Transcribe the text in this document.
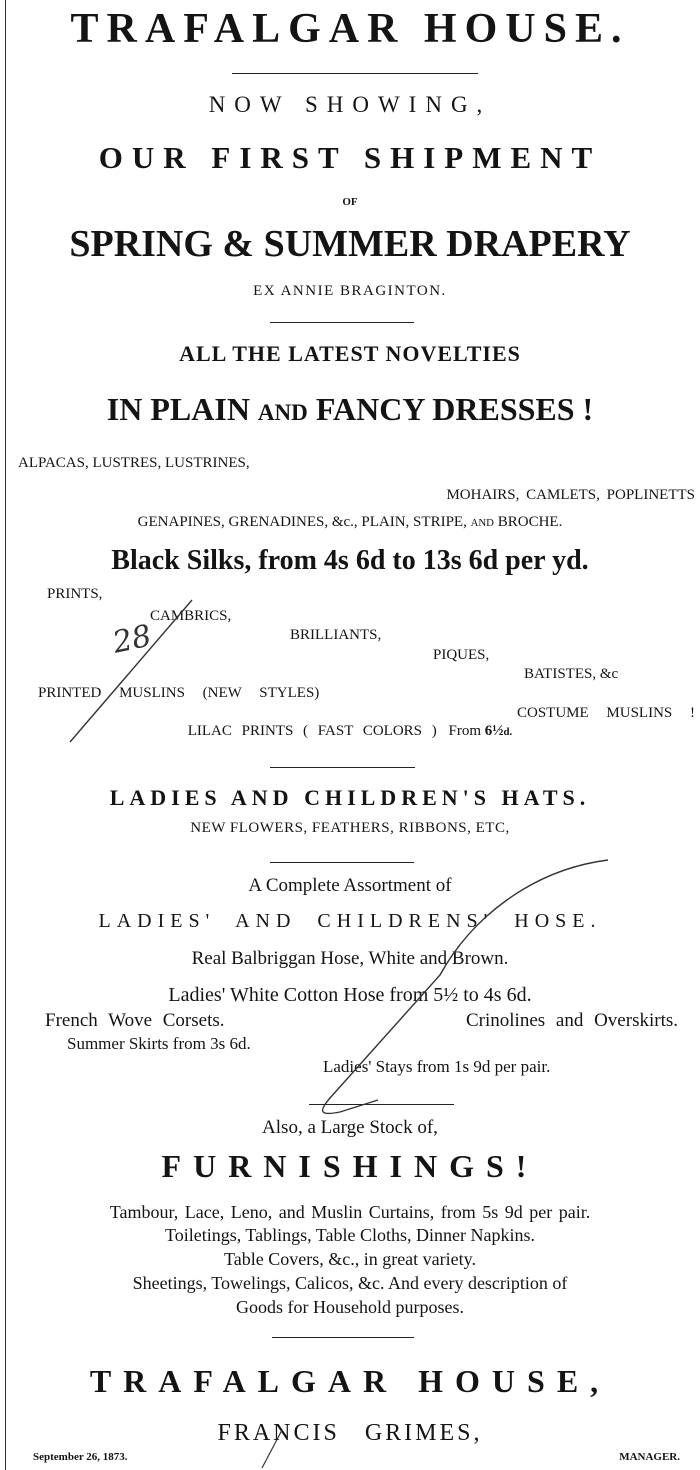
TRAFALGAR HOUSE.
NOW SHOWING,
OUR FIRST SHIPMENT
OF
SPRING & SUMMER DRAPERY
EX ANNIE BRAGINTON.
ALL THE LATEST NOVELTIES
IN PLAIN AND FANCY DRESSES !
ALPACAS, LUSTRES, LUSTRINES,
MOHAIRS, CAMLETS, POPLINETTS
GENAPINES, GRENADINES, &c., PLAIN, STRIPE, AND BROCHE.
Black Silks, from 4s 6d to 13s 6d per yd.
PRINTS,
CAMBRICS,
BRILLIANTS,
PIQUES,
BATISTES, &c
PRINTED MUSLINS (NEW STYLES)
COSTUME MUSLINS !
LILAC PRINTS ( FAST COLORS ) From 6½d.
LADIES AND CHILDREN'S HATS.
NEW FLOWERS, FEATHERS, RIBBONS, ETC,
A Complete Assortment of
LADIES' AND CHILDRENS' HOSE.
Real Balbriggan Hose, White and Brown.
Ladies' White Cotton Hose from 5½ to 4s 6d.
French Wove Corsets.	Crinolines and Overskirts.
Summer Skirts from 3s 6d.
Ladies' Stays from 1s 9d per pair.
Also, a Large Stock of,
FURNISHINGS!
Tambour, Lace, Leno, and Muslin Curtains, from 5s 9d per pair.
Toiletings, Tablings, Table Cloths, Dinner Napkins.
Table Covers, &c., in great variety.
Sheetings, Towelings, Calicos, &c. And every description of
Goods for Household purposes.
TRAFALGAR HOUSE,
FRANCIS GRIMES,
September 26, 1873.	MANAGER.
28
